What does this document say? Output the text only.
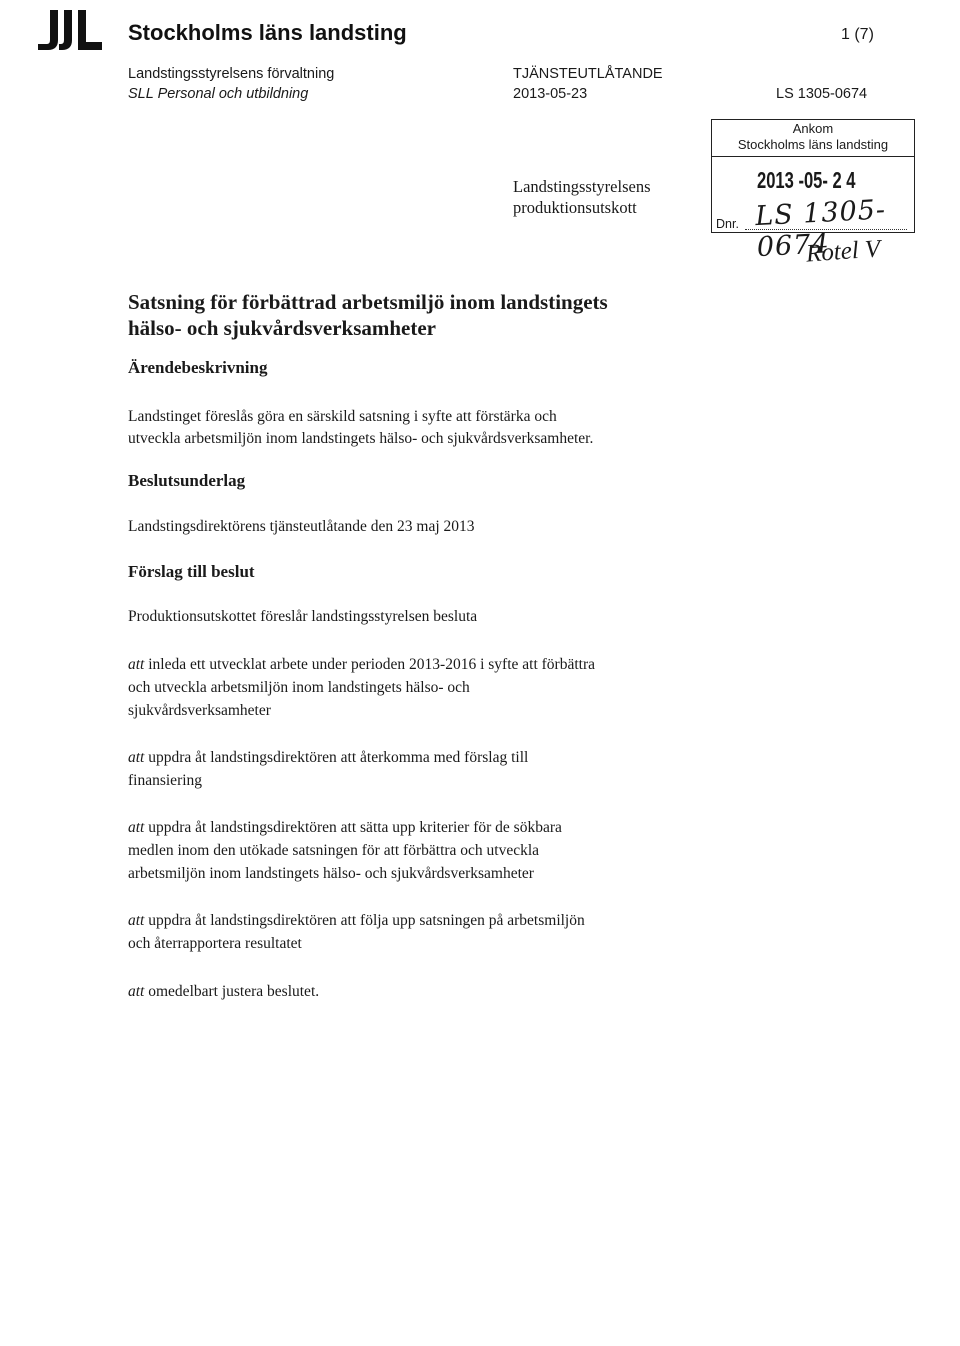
Stockholms läns landsting	1 (7)
Landstingsstyrelsens förvaltning
SLL Personal och utbildning
TJÄNSTEUTLÅTANDE
2013-05-23	LS 1305-0674
Landstingsstyrelsens
produktionsutskott
Ankom
Stockholms läns landsting
2013 -05- 2 4
Dnr. LS 1305-0674
Rotel V
Satsning för förbättrad arbetsmiljö inom landstingets
hälso- och sjukvårdsverksamheter
Ärendebeskrivning
Landstinget föreslås göra en särskild satsning i syfte att förstärka och
utveckla arbetsmiljön inom landstingets hälso- och sjukvårdsverksamheter.
Beslutsunderlag
Landstingsdirektörens tjänsteutlåtande den 23 maj 2013
Förslag till beslut
Produktionsutskottet föreslår landstingsstyrelsen besluta
att inleda ett utvecklat arbete under perioden 2013-2016 i syfte att förbättra
och utveckla arbetsmiljön inom landstingets hälso- och
sjukvårdsverksamheter
att uppdra åt landstingsdirektören att återkomma med förslag till
finansiering
att uppdra åt landstingsdirektören att sätta upp kriterier för de sökbara
medlen inom den utökade satsningen för att förbättra och utveckla
arbetsmiljön inom landstingets hälso- och sjukvårdsverksamheter
att uppdra åt landstingsdirektören att följa upp satsningen på arbetsmiljön
och återrapportera resultatet
att omedelbart justera beslutet.
